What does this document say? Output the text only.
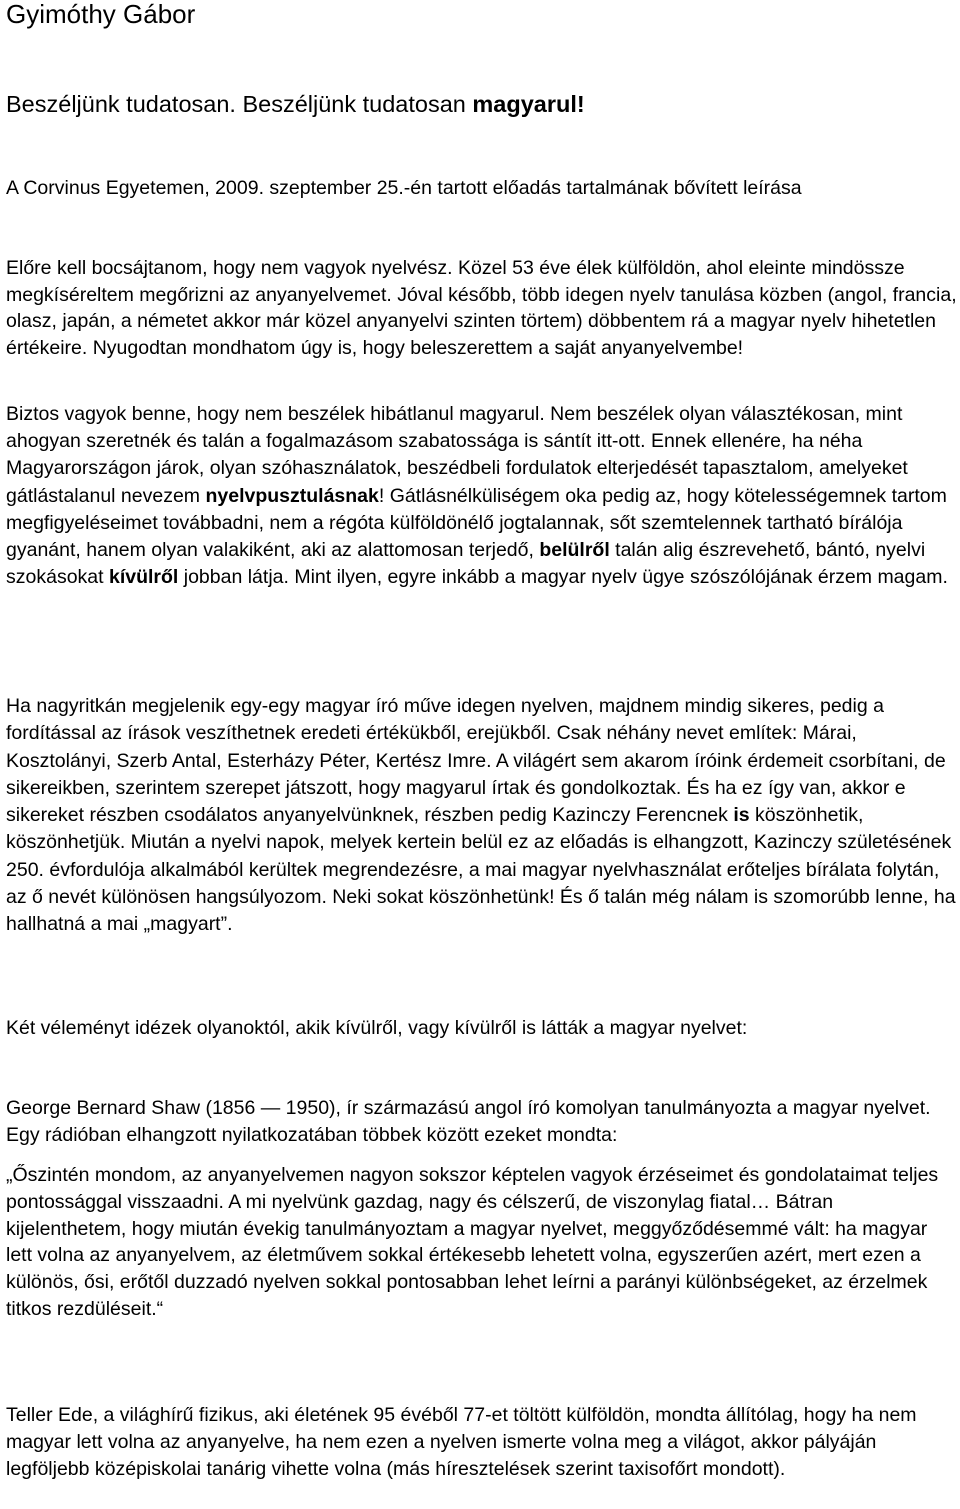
Gyimóthy Gábor
Beszéljünk tudatosan. Beszéljünk tudatosan magyarul!
A Corvinus Egyetemen, 2009. szeptember 25.-én tartott előadás tartalmának bővített leírása

Előre kell bocsájtanom, hogy nem vagyok nyelvész. Közel 53 éve élek külföldön, ahol eleinte mindössze megkíséreltem megőrizni az anyanyelvemet. Jóval később, több idegen nyelv tanulása közben (angol, francia, olasz, japán, a németet akkor már közel anyanyelvi szinten törtem) döbbentem rá a magyar nyelv hihetetlen értékeire. Nyugodtan mondhatom úgy is, hogy beleszerettem a saját anyanyelvembe!

Biztos vagyok benne, hogy nem beszélek hibátlanul magyarul. Nem beszélek olyan választékosan, mint ahogyan szeretnék és talán a fogalmazásom szabatossága is sántít itt-ott. Ennek ellenére, ha néha Magyarországon járok, olyan szóhasználatok, beszédbeli fordulatok elterjedését tapasztalom, amelyeket gátlástalanul nevezem nyelvpusztulásnak! Gátlásnélküliségem oka pedig az, hogy kötelességemnek tartom megfigyeléseimet továbbadni, nem a régóta külföldönélő jogtalannak, sőt szemtelennek tartható bírálója gyanánt, hanem olyan valakiként, aki az alattomosan terjedő, belülről talán alig észrevehető, bántó, nyelvi szokásokat kívülről jobban látja. Mint ilyen, egyre inkább a magyar nyelv ügye szószólójának érzem magam.

Ha nagyritkán megjelenik egy-egy magyar író műve idegen nyelven, majdnem mindig sikeres, pedig a fordítással az írások veszíthetnek eredeti értékükből, erejükből. Csak néhány nevet említek: Márai, Kosztolányi, Szerb Antal, Esterházy Péter, Kertész Imre. A világért sem akarom íróink érdemeit csorbítani, de sikereikben, szerintem szerepet játszott, hogy magyarul írtak és gondolkoztak. És ha ez így van, akkor e sikereket részben csodálatos anyanyelvünknek, részben pedig Kazinczy Ferencnek is köszönhetik, köszönhetjük. Miután a nyelvi napok, melyek kertein belül ez az előadás is elhangzott, Kazinczy születésének 250. évfordulója alkalmából kerültek megrendezésre, a mai magyar nyelvhasználat erőteljes bírálata folytán, az ő nevét különösen hangsúlyozom. Neki sokat köszönhetünk! És ő talán még nálam is szomorúbb lenne, ha hallhatná a mai „magyart”.

Két véleményt idézek olyanoktól, akik kívülről, vagy kívülről is látták a magyar nyelvet:

George Bernard Shaw (1856 — 1950), ír származású angol író komolyan tanulmányozta a magyar nyelvet. Egy rádióban elhangzott nyilatkozatában többek között ezeket mondta:

„Őszintén mondom, az anyanyelvemen nagyon sokszor képtelen vagyok érzéseimet és gondolataimat teljes pontossággal visszaadni. A mi nyelvünk gazdag, nagy és célszerű, de viszonylag fiatal… Bátran kijelenthetem, hogy miután évekig tanulmányoztam a magyar nyelvet, meggyőződésemmé vált: ha magyar lett volna az anyanyelvem, az életművem sokkal értékesebb lehetett volna, egyszerűen azért, mert ezen a különös, ősi, erőtől duzzadó nyelven sokkal pontosabban lehet leírni a parányi különbségeket, az érzelmek titkos rezdüléseit.“

Teller Ede, a világhírű fizikus, aki életének 95 évéből 77-et töltött külföldön, mondta állítólag, hogy ha nem magyar lett volna az anyanyelve, ha nem ezen a nyelven ismerte volna meg a világot, akkor pályáján legföljebb középiskolai tanárig vihette volna (más híresztelések szerint taxisofőrt mondott).
